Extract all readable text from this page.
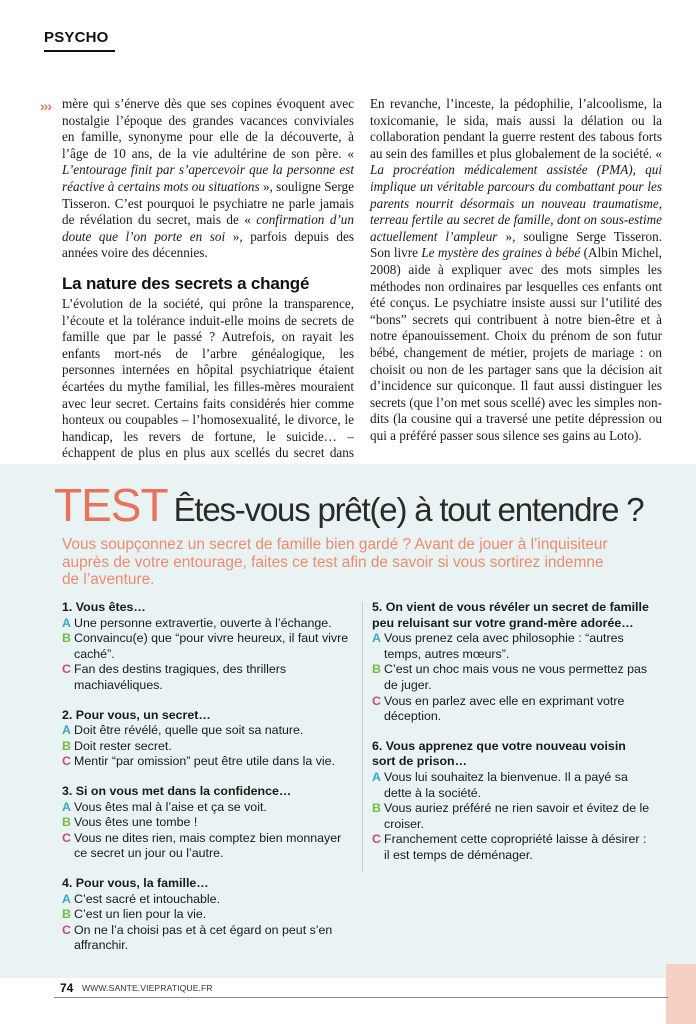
PSYCHO
››› mère qui s’énerve dès que ses copines évoquent avec nostalgie l’époque des grandes vacances conviviales en famille, synonyme pour elle de la découverte, à l’âge de 10 ans, de la vie adultérine de son père. « L’entourage finit par s’apercevoir que la personne est réactive à certains mots ou situations », souligne Serge Tisseron. C’est pourquoi le psychiatre ne parle jamais de révélation du secret, mais de « confirmation d’un doute que l’on porte en soi », parfois depuis des années voire des décennies.

La nature des secrets a changé

L’évolution de la société, qui prône la transparence, l’écoute et la tolérance induit-elle moins de secrets de famille que par le passé ? Autrefois, on rayait les enfants mort-nés de l’arbre généalogique, les personnes internées en hôpital psychiatrique étaient écartées du mythe familial, les filles-mères mouraient avec leur secret. Certains faits considérés hier comme honteux ou coupables – l’homosexualité, le divorce, le handicap, les revers de fortune, le suicide… – échappent de plus en plus aux scellés du secret dans

En revanche, l’inceste, la pédophilie, l’alcoolisme, la toxicomanie, le sida, mais aussi la délation ou la collaboration pendant la guerre restent des tabous forts au sein des familles et plus globalement de la société. « La procréation médicalement assistée (PMA), qui implique un véritable parcours du combattant pour les parents nourrit désormais un nouveau traumatisme, terreau fertile au secret de famille, dont on sous-estime actuellement l’ampleur », souligne Serge Tisseron. Son livre Le mystère des graines à bébé (Albin Michel, 2008) aide à expliquer avec des mots simples les méthodes non ordinaires par lesquelles ces enfants ont été conçus. Le psychiatre insiste aussi sur l’utilité des “bons” secrets qui contribuent à notre bien-être et à notre épanouissement. Choix du prénom de son futur bébé, changement de métier, projets de mariage : on choisit ou non de les partager sans que la décision ait d’incidence sur quiconque. Il faut aussi distinguer les secrets (que l’on met sous scellé) avec les simples non-dits (la cousine qui a traversé une petite dépression ou qui a préféré passer sous silence ses gains au Loto).

TEST Êtes-vous prêt(e) à tout entendre ?

Vous soupçonnez un secret de famille bien gardé ? Avant de jouer à l’inquisiteur auprès de votre entourage, faites ce test afin de savoir si vous sortirez indemne de l’aventure.

1. Vous êtes…
A Une personne extravertie, ouverte à l’échange.
B Convaincu(e) que “pour vivre heureux, il faut vivre caché”.
C Fan des destins tragiques, des thrillers machiavéliques.
2. Pour vous, un secret…
A Doit être révélé, quelle que soit sa nature.
B Doit rester secret.
C Mentir “par omission” peut être utile dans la vie.
3. Si on vous met dans la confidence…
A Vous êtes mal à l’aise et ça se voit.
B Vous êtes une tombe !
C Vous ne dites rien, mais comptez bien monnayer ce secret un jour ou l’autre.
4. Pour vous, la famille…
A C’est sacré et intouchable.
B C’est un lien pour la vie.
C On ne l’a choisi pas et à cet égard on peut s’en affranchir.
5. On vient de vous révéler un secret de famille peu reluisant sur votre grand-mère adorée…
A Vous prenez cela avec philosophie : “autres temps, autres mœurs”.
B C’est un choc mais vous ne vous permettez pas de juger.
C Vous en parlez avec elle en exprimant votre déception.
6. Vous apprenez que votre nouveau voisin sort de prison…
A Vous lui souhaitez la bienvenue. Il a payé sa dette à la société.
B Vous auriez préféré ne rien savoir et évitez de le croiser.
C Franchement cette copropriété laisse à désirer : il est temps de déménager.
74 WWW.SANTE.VIEPRATIQUE.FR
